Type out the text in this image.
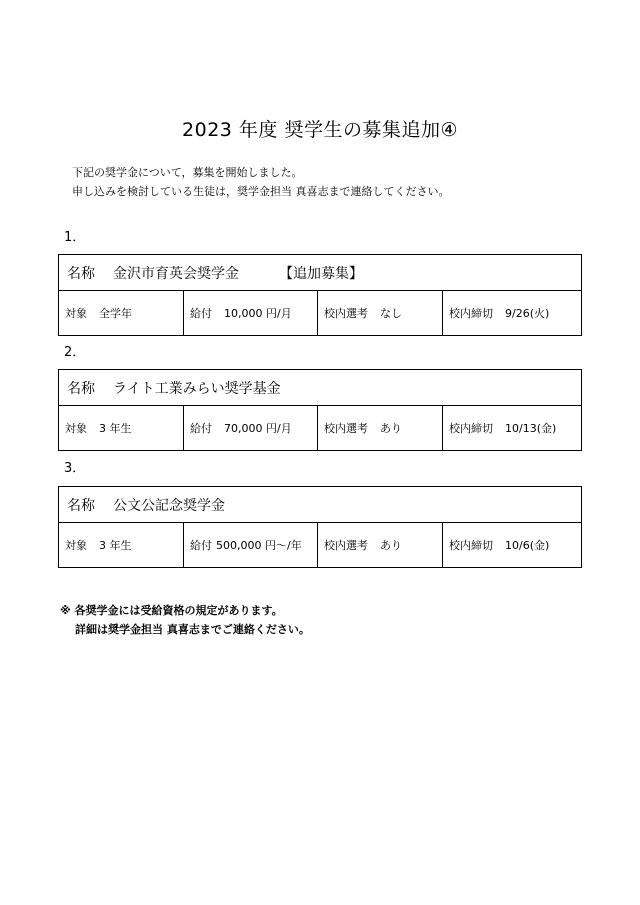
2023 年度 奨学生の募集追加④
下記の奨学金について，募集を開始しました。
申し込みを検討している生徒は，奨学金担当 真喜志まで連絡してください。
1．
名称 金沢市育英会奨学金	【追加募集】
対象 全学年	給付 10,000 円/月	校内選考 なし	校内締切 9/26(火)
2．
名称 ライト工業みらい奨学基金
対象 3 年生	給付 70,000 円/月	校内選考 あり	校内締切 10/13(金)
3．
名称 公文公記念奨学金
対象 3 年生	給付 500,000 円～/年 校内選考 あり	校内締切 10/6(金)
※ 各奨学金には受給資格の規定があります。
詳細は奨学金担当 真喜志までご連絡ください。
